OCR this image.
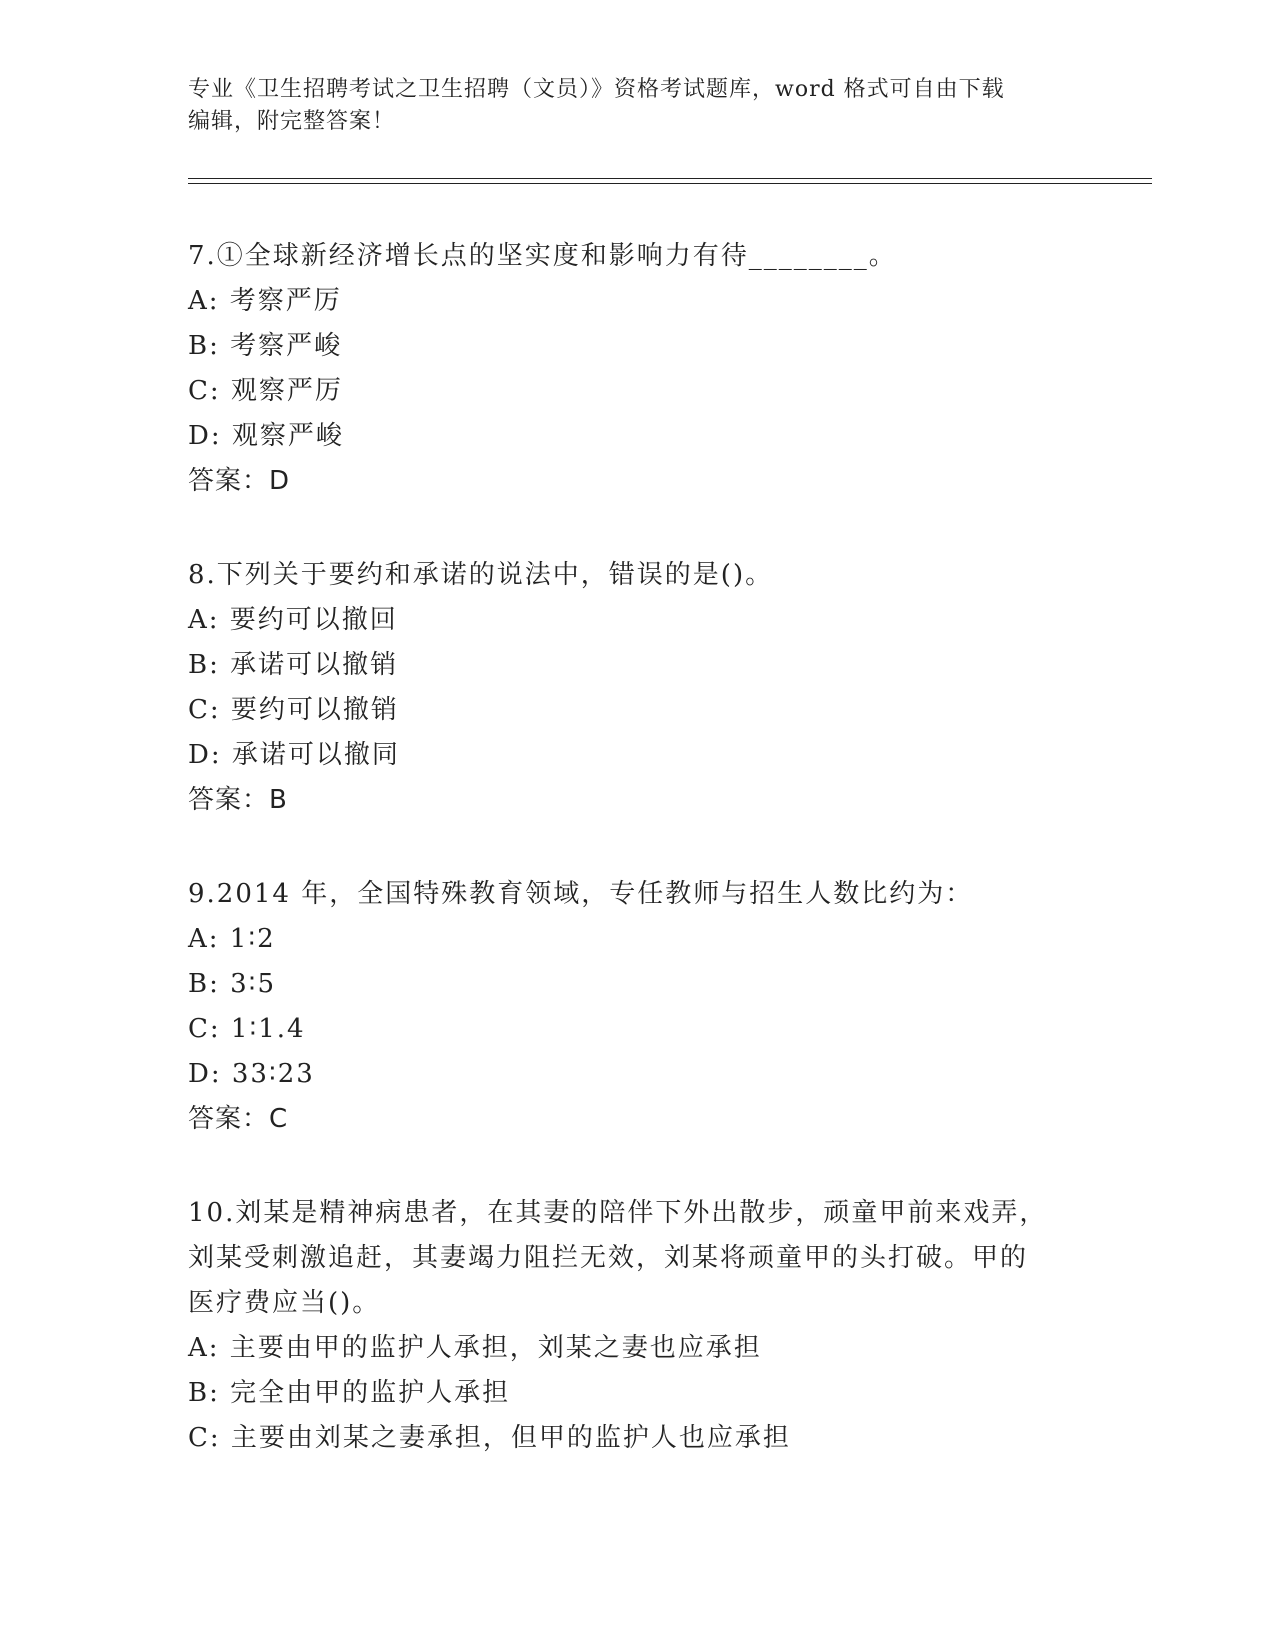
专业《卫生招聘考试之卫生招聘（文员）》资格考试题库，word 格式可自由下载
编辑，附完整答案！

7.①全球新经济增长点的坚实度和影响力有待________。

A: 考察严厉

B: 考察严峻

C: 观察严厉

D: 观察严峻

答案：D

8.下列关于要约和承诺的说法中，错误的是()。

A: 要约可以撤回

B: 承诺可以撤销

C: 要约可以撤销

D: 承诺可以撤同

答案：B

9.2014 年，全国特殊教育领域，专任教师与招生人数比约为：

A: 1∶2

B: 3∶5

C: 1∶1.4

D: 33∶23

答案：C

10.刘某是精神病患者，在其妻的陪伴下外出散步，顽童甲前来戏弄，

刘某受刺激追赶，其妻竭力阻拦无效，刘某将顽童甲的头打破。甲的

医疗费应当()。

A: 主要由甲的监护人承担，刘某之妻也应承担

B: 完全由甲的监护人承担

C: 主要由刘某之妻承担，但甲的监护人也应承担
